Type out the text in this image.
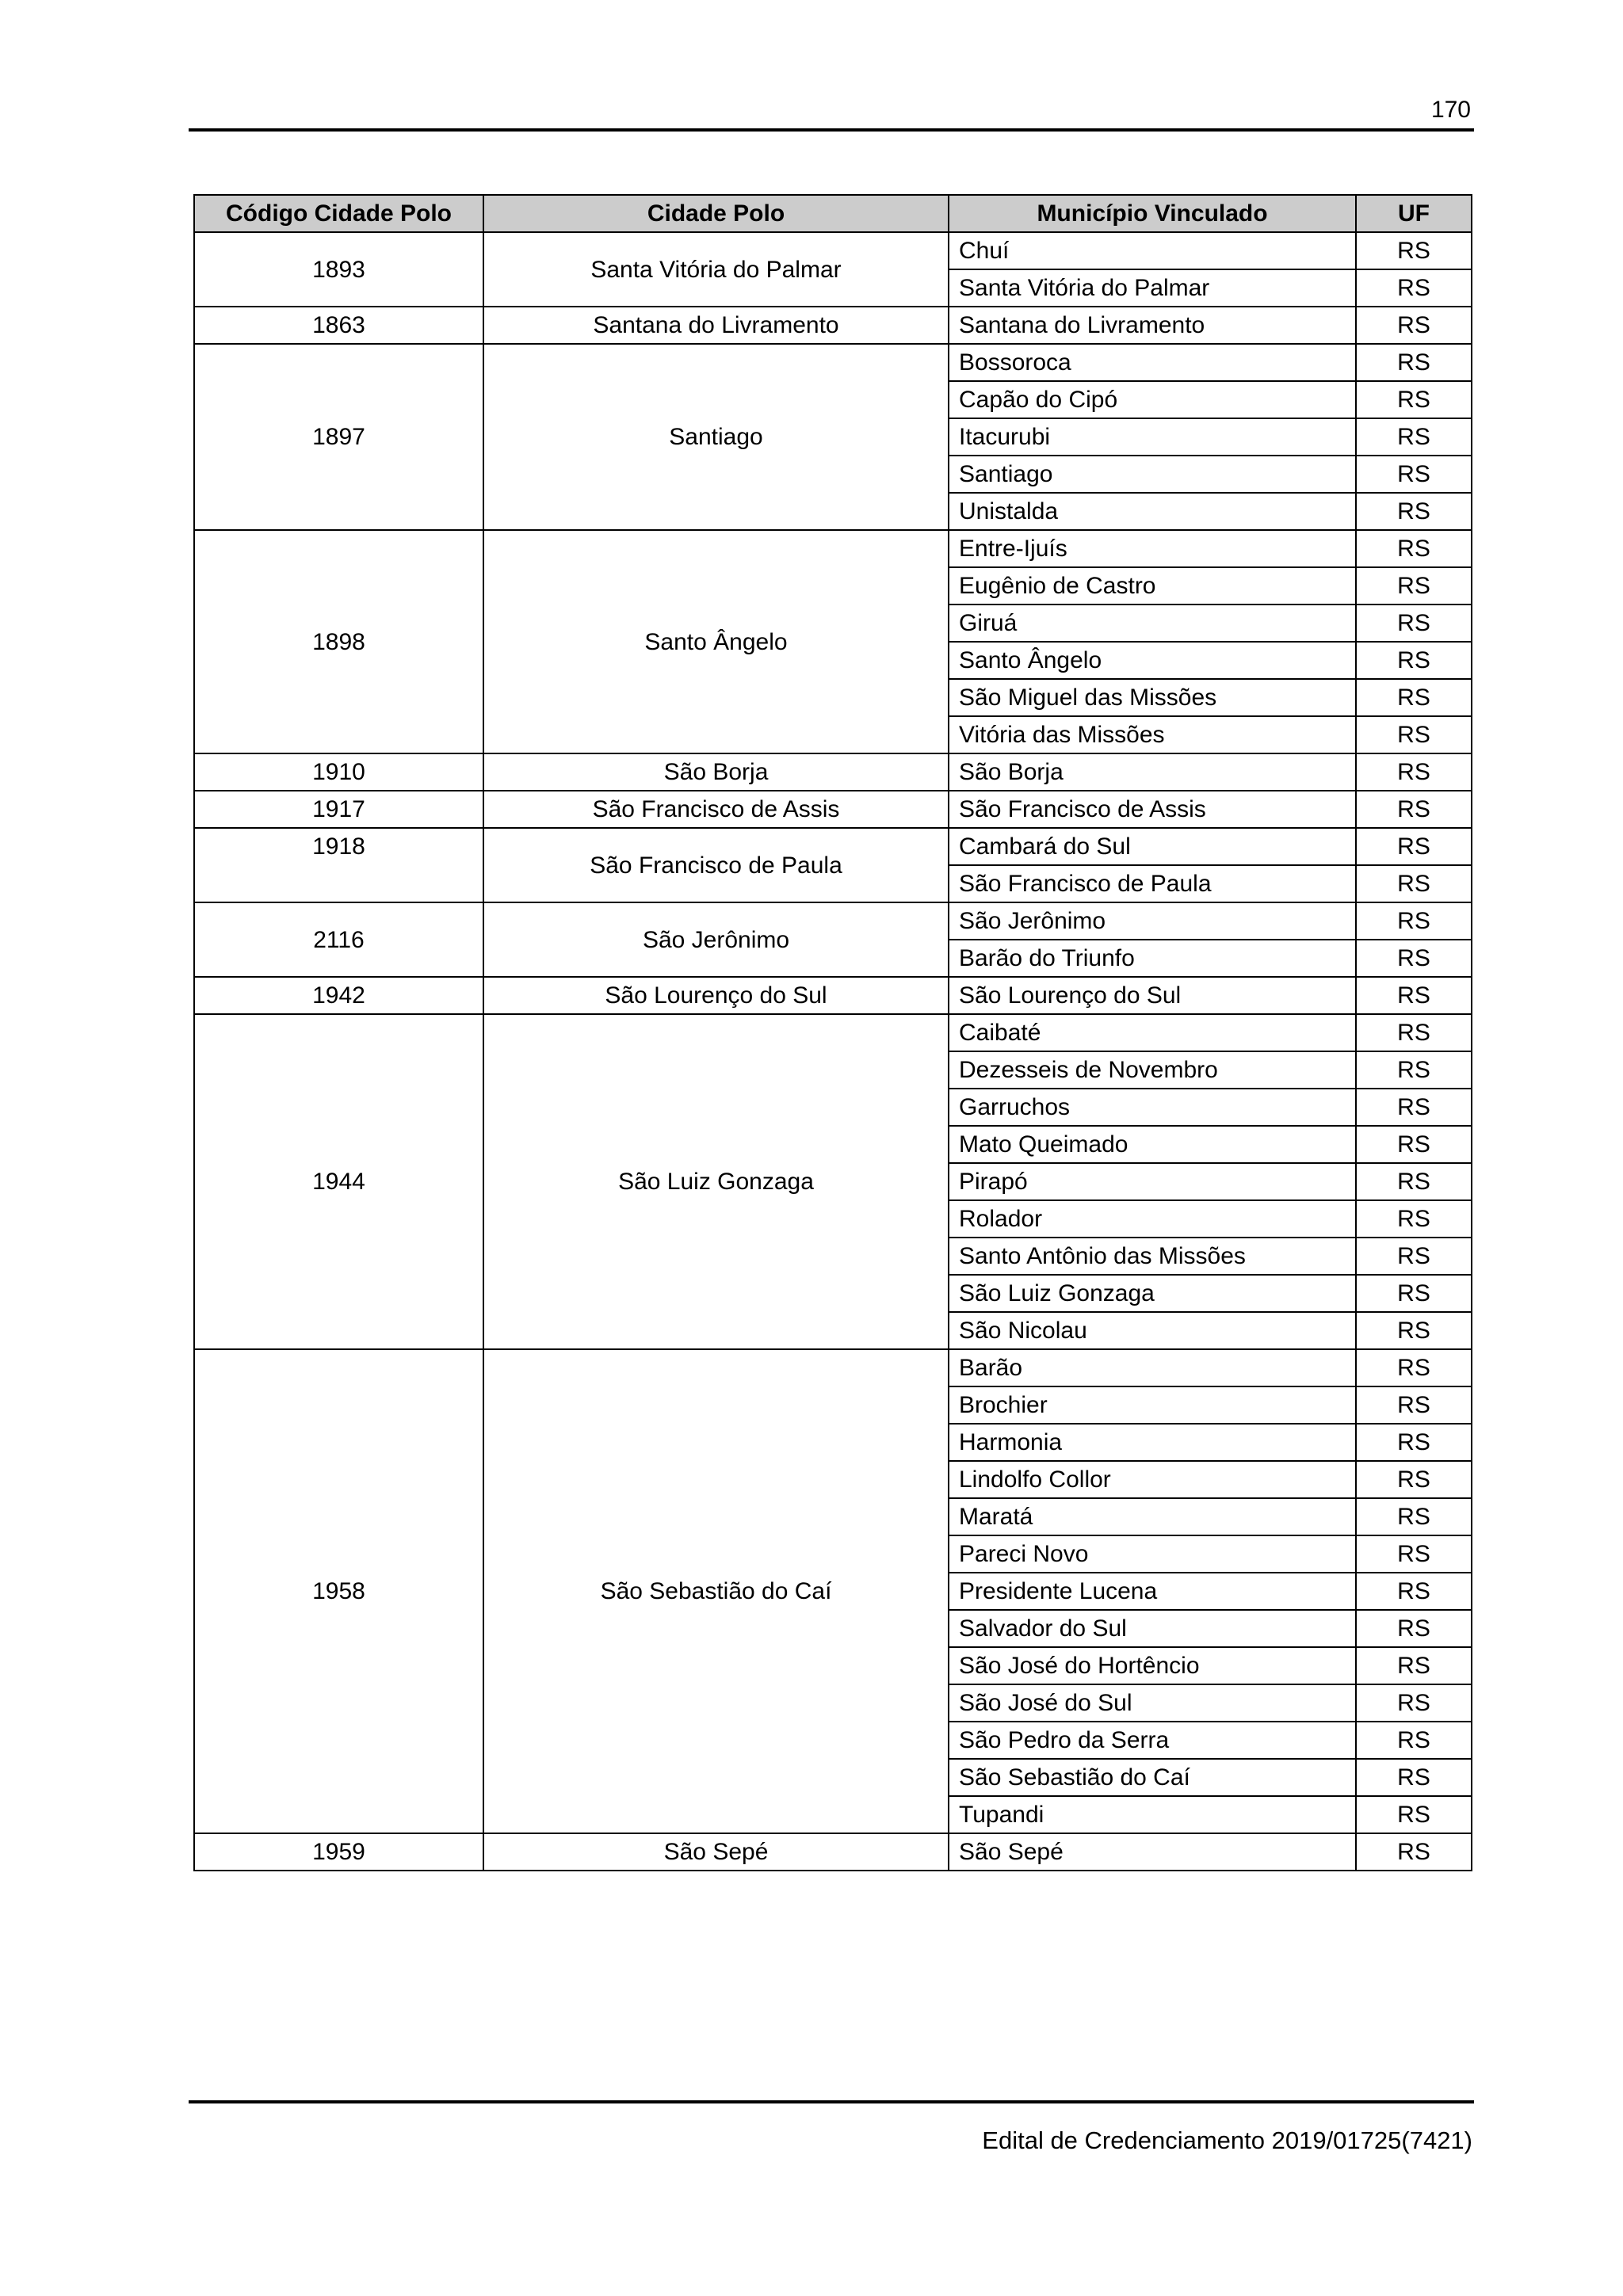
170
Código Cidade Polo	Cidade Polo	Município Vinculado	UF
1893	Santa Vitória do Palmar	Chuí	RS
		Santa Vitória do Palmar	RS
1863	Santana do Livramento	Santana do Livramento	RS
1897	Santiago	Bossoroca	RS
		Capão do Cipó	RS
		Itacurubi	RS
		Santiago	RS
		Unistalda	RS
1898	Santo Ângelo	Entre-Ijuís	RS
		Eugênio de Castro	RS
		Giruá	RS
		Santo Ângelo	RS
		São Miguel das Missões	RS
		Vitória das Missões	RS
1910	São Borja	São Borja	RS
1917	São Francisco de Assis	São Francisco de Assis	RS
1918	São Francisco de Paula	Cambará do Sul	RS
		São Francisco de Paula	RS
2116	São Jerônimo	São Jerônimo	RS
		Barão do Triunfo	RS
1942	São Lourenço do Sul	São Lourenço do Sul	RS
1944	São Luiz Gonzaga	Caibaté	RS
		Dezesseis de Novembro	RS
		Garruchos	RS
		Mato Queimado	RS
		Pirapó	RS
		Rolador	RS
		Santo Antônio das Missões	RS
		São Luiz Gonzaga	RS
		São Nicolau	RS
1958	São Sebastião do Caí	Barão	RS
		Brochier	RS
		Harmonia	RS
		Lindolfo Collor	RS
		Maratá	RS
		Pareci Novo	RS
		Presidente Lucena	RS
		Salvador do Sul	RS
		São José do Hortêncio	RS
		São José do Sul	RS
		São Pedro da Serra	RS
		São Sebastião do Caí	RS
		Tupandi	RS
1959	São Sepé	São Sepé	RS
Edital de Credenciamento 2019/01725(7421)
